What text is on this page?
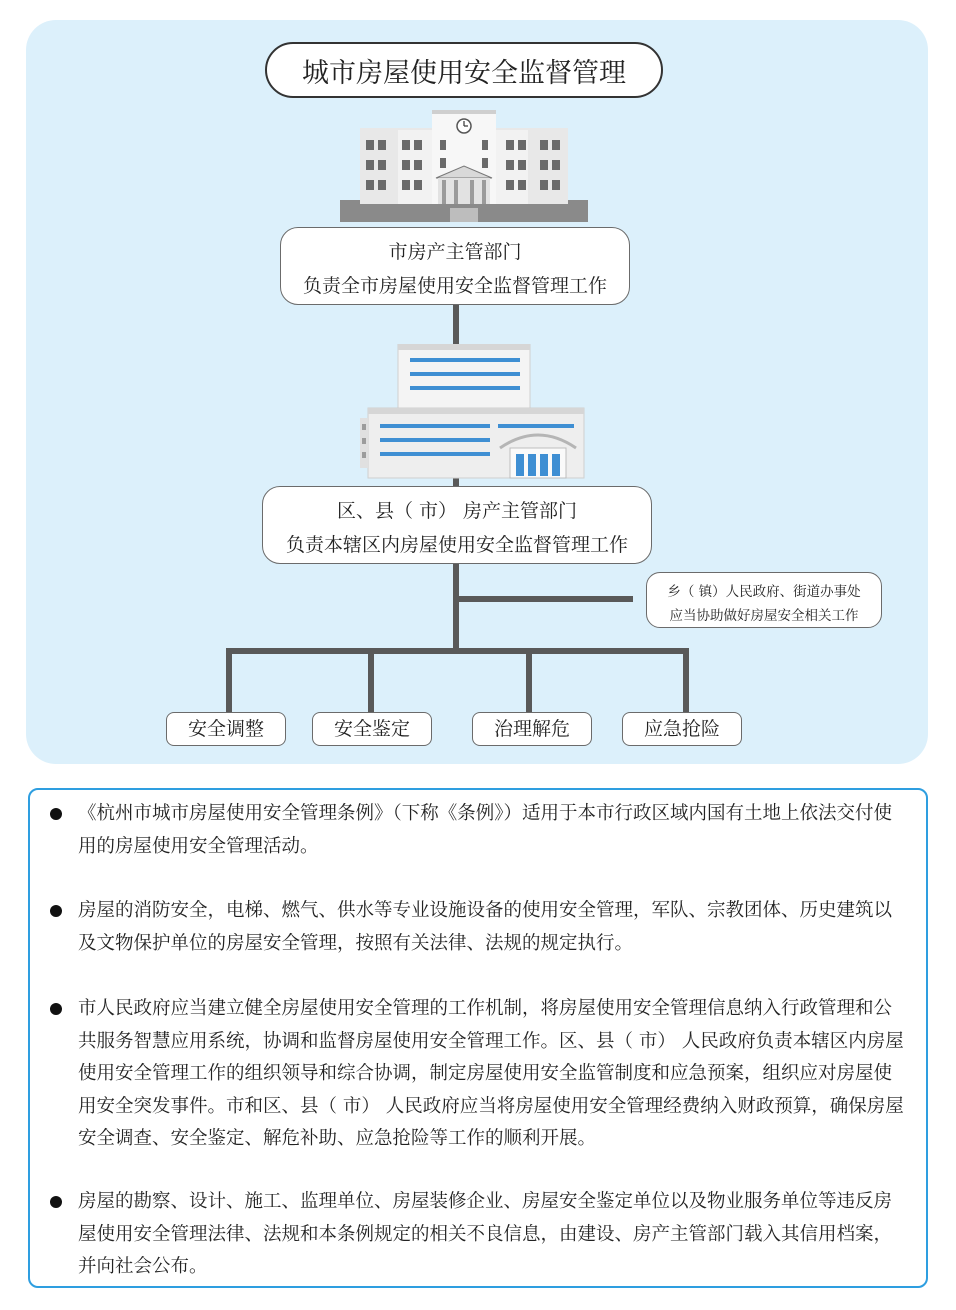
城市房屋使用安全监督管理
市房产主管部门
负责全市房屋使用安全监督管理工作
区、县（ 市） 房产主管部门
负责本辖区内房屋使用安全监督管理工作
乡（ 镇）人民政府、街道办事处
应当协助做好房屋安全相关工作
安全调整	安全鉴定	治理解危	应急抢险
《杭州市城市房屋使用安全管理条例》（下称《条例》）适用于本市行政区域内国有土地上依法交付使用的房屋使用安全管理活动。
房屋的消防安全，电梯、燃气、供水等专业设施设备的使用安全管理，军队、宗教团体、历史建筑以及文物保护单位的房屋安全管理，按照有关法律、法规的规定执行。
市人民政府应当建立健全房屋使用安全管理的工作机制，将房屋使用安全管理信息纳入行政管理和公共服务智慧应用系统，协调和监督房屋使用安全管理工作。区、县（ 市） 人民政府负责本辖区内房屋使用安全管理工作的组织领导和综合协调，制定房屋使用安全监管制度和应急预案，组织应对房屋使用安全突发事件。市和区、县（ 市） 人民政府应当将房屋使用安全管理经费纳入财政预算，确保房屋安全调查、安全鉴定、解危补助、应急抢险等工作的顺利开展。
房屋的勘察、设计、施工、监理单位、房屋装修企业、房屋安全鉴定单位以及物业服务单位等违反房屋使用安全管理法律、法规和本条例规定的相关不良信息，由建设、房产主管部门载入其信用档案，并向社会公布。
